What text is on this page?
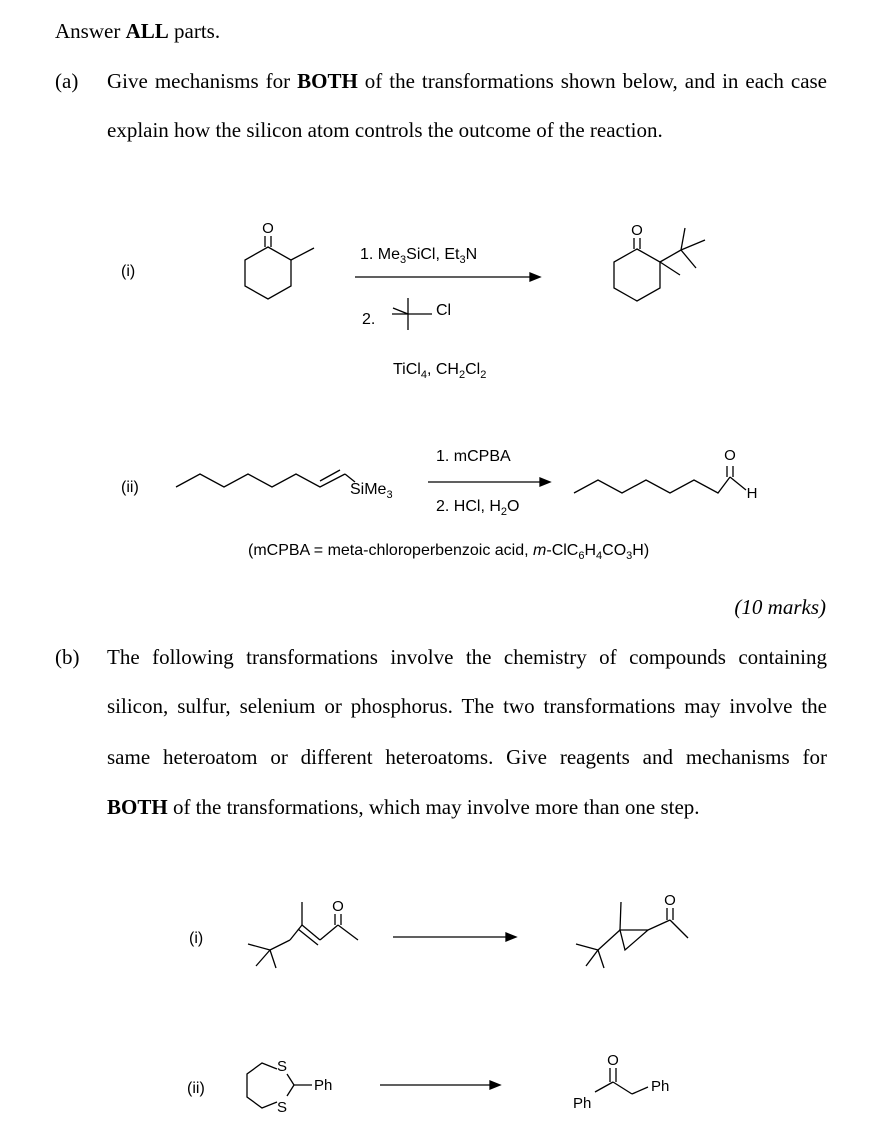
Answer ALL parts.
(a) Give mechanisms for BOTH of the transformations shown below, and in each case
explain how the silicon atom controls the outcome of the reaction.
(i)
1. $Me_3SiCl$, $Et_3N$
2.
Cl
TiCl$_4$, $CH_2Cl_2$
(ii)	SiMe$_3$
1. mCPBA
2. HCl, $H_2O$
(mCPBA = meta-chloroperbenzoic acid, $m-ClC_6H_4CO_3H$)
(10 marks)
(b) The following transformations involve the chemistry of compounds containing
silicon, sulfur, selenium or phosphorus. The two transformations may involve the
same heteroatom or different heteroatoms. Give reagents and mechanisms for
BOTH of the transformations, which may involve more than one step.
(i)
(ii)
O	O
O
H
O	O
S
S
Ph
O
Ph
Ph
